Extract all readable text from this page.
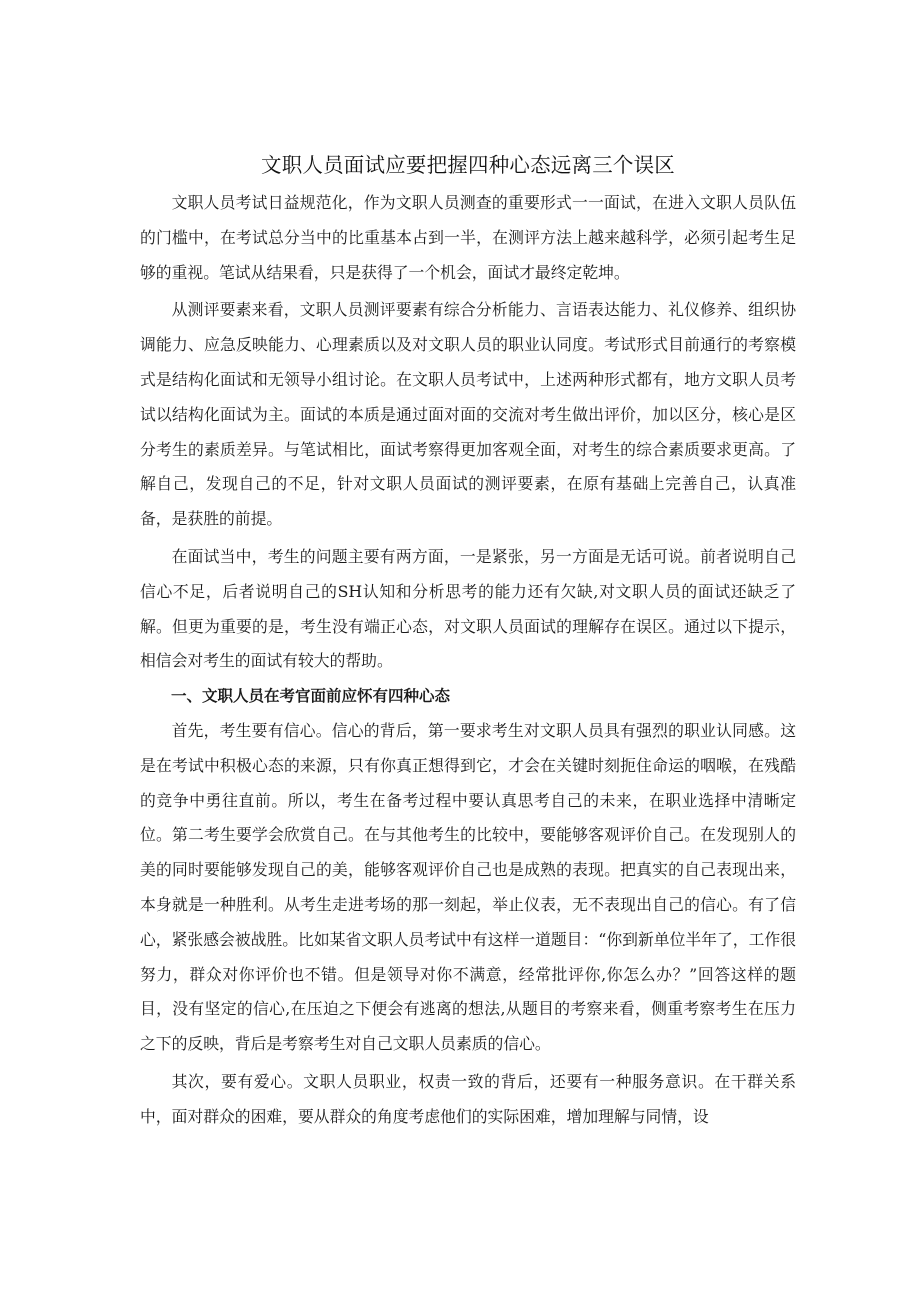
文职人员面试应要把握四种心态远离三个误区

文职人员考试日益规范化，作为文职人员测查的重要形式一一面试，在进入文职人员队伍的门槛中，在考试总分当中的比重基本占到一半，在测评方法上越来越科学，必须引起考生足够的重视。笔试从结果看，只是获得了一个机会，面试才最终定乾坤。

从测评要素来看，文职人员测评要素有综合分析能力、言语表达能力、礼仪修养、组织协调能力、应急反映能力、心理素质以及对文职人员的职业认同度。考试形式目前通行的考察模式是结构化面试和无领导小组讨论。在文职人员考试中，上述两种形式都有，地方文职人员考试以结构化面试为主。面试的本质是通过面对面的交流对考生做出评价，加以区分，核心是区分考生的素质差异。与笔试相比，面试考察得更加客观全面，对考生的综合素质要求更高。了解自己，发现自己的不足，针对文职人员面试的测评要素，在原有基础上完善自己，认真准备，是获胜的前提。

在面试当中，考生的问题主要有两方面，一是紧张，另一方面是无话可说。前者说明自己信心不足，后者说明自己的SH认知和分析思考的能力还有欠缺,对文职人员的面试还缺乏了解。但更为重要的是，考生没有端正心态，对文职人员面试的理解存在误区。通过以下提示，相信会对考生的面试有较大的帮助。

一、文职人员在考官面前应怀有四种心态

首先，考生要有信心。信心的背后，第一要求考生对文职人员具有强烈的职业认同感。这是在考试中积极心态的来源，只有你真正想得到它，才会在关键时刻扼住命运的咽喉，在残酷的竞争中勇往直前。所以，考生在备考过程中要认真思考自己的未来，在职业选择中清晰定位。第二考生要学会欣赏自己。在与其他考生的比较中，要能够客观评价自己。在发现别人的美的同时要能够发现自己的美，能够客观评价自己也是成熟的表现。把真实的自己表现出来，本身就是一种胜利。从考生走进考场的那一刻起，举止仪表，无不表现出自己的信心。有了信心，紧张感会被战胜。比如某省文职人员考试中有这样一道题目：“你到新单位半年了，工作很努力，群众对你评价也不错。但是领导对你不满意，经常批评你,你怎么办？”回答这样的题目，没有坚定的信心,在压迫之下便会有逃离的想法,从题目的考察来看，侧重考察考生在压力之下的反映，背后是考察考生对自己文职人员素质的信心。

其次，要有爱心。文职人员职业，权责一致的背后，还要有一种服务意识。在干群关系中，面对群众的困难，要从群众的角度考虑他们的实际困难，增加理解与同情，设
